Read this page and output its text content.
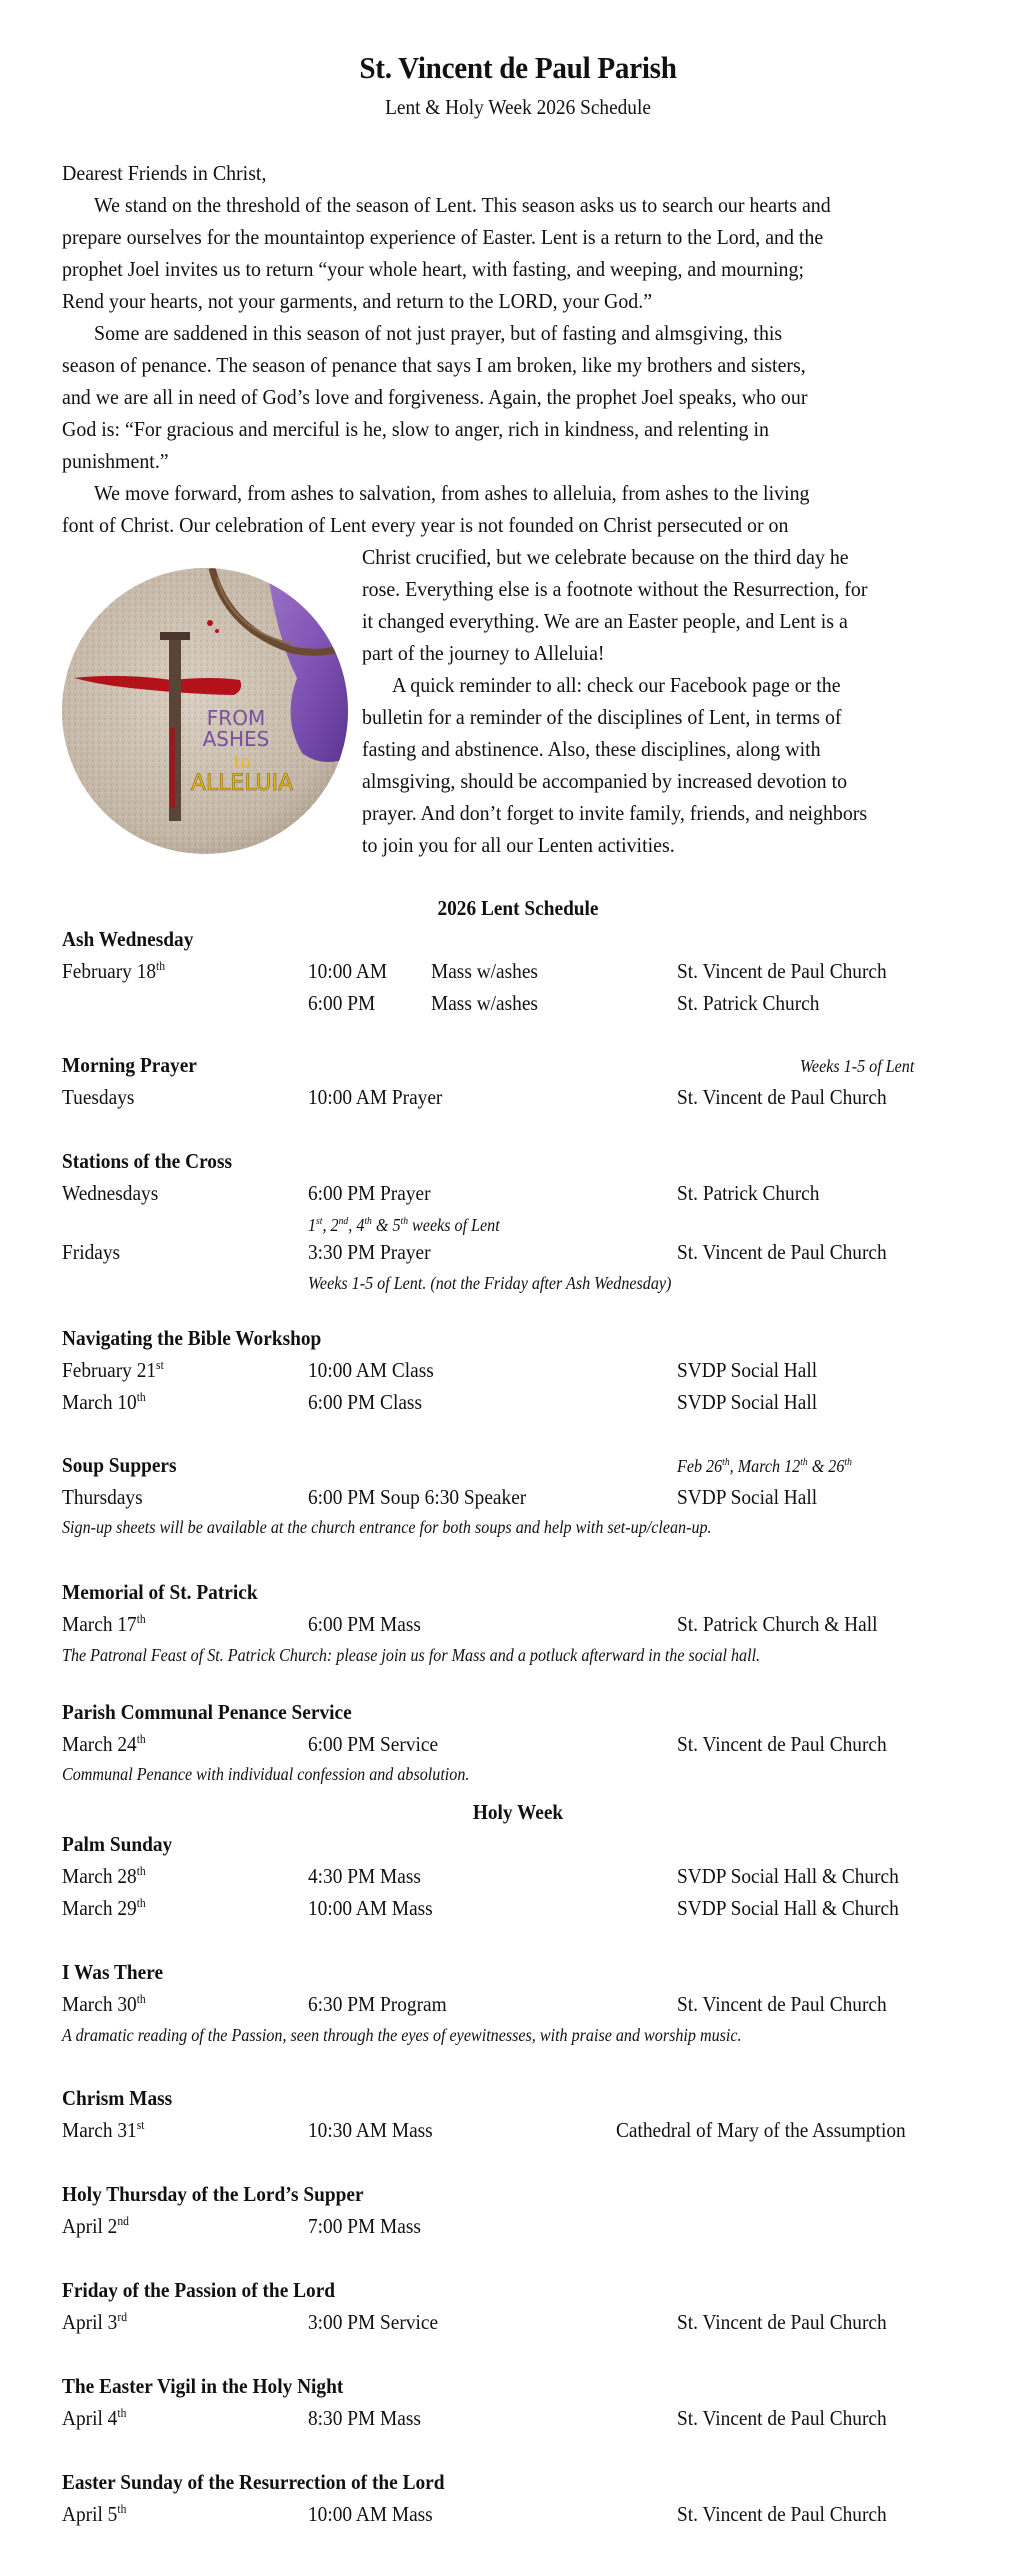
St. Vincent de Paul Parish
Lent & Holy Week 2026 Schedule
Dearest Friends in Christ,
We stand on the threshold of the season of Lent. This season asks us to search our hearts and
prepare ourselves for the mountaintop experience of Easter. Lent is a return to the Lord, and the
prophet Joel invites us to return “your whole heart, with fasting, and weeping, and mourning;
Rend your hearts, not your garments, and return to the LORD, your God.”
Some are saddened in this season of not just prayer, but of fasting and almsgiving, this
season of penance. The season of penance that says I am broken, like my brothers and sisters,
and we are all in need of God’s love and forgiveness. Again, the prophet Joel speaks, who our
God is: “For gracious and merciful is he, slow to anger, rich in kindness, and relenting in
punishment.”
We move forward, from ashes to salvation, from ashes to alleluia, from ashes to the living
font of Christ. Our celebration of Lent every year is not founded on Christ persecuted or on
Christ crucified, but we celebrate because on the third day he
rose. Everything else is a footnote without the Resurrection, for
it changed everything. We are an Easter people, and Lent is a
part of the journey to Alleluia!
A quick reminder to all: check our Facebook page or the
bulletin for a reminder of the disciplines of Lent, in terms of
fasting and abstinence. Also, these disciplines, along with
almsgiving, should be accompanied by increased devotion to
prayer. And don’t forget to invite family, friends, and neighbors
to join you for all our Lenten activities.
FROM
ASHES
to
ALLELUIA
2026 Lent Schedule
Ash Wednesday
February 18th	10:00 AM Mass w/ashes	St. Vincent de Paul Church
6:00 PM	Mass w/ashes	St. Patrick Church
Morning Prayer	Weeks 1-5 of Lent
Tuesdays	10:00 AM Prayer	St. Vincent de Paul Church
Stations of the Cross
Wednesdays	6:00 PM Prayer	St. Patrick Church
1st, 2nd, 4th & 5th weeks of Lent
Fridays	3:30 PM Prayer	St. Vincent de Paul Church
Weeks 1-5 of Lent. (not the Friday after Ash Wednesday)
Navigating the Bible Workshop
February 21st	10:00 AM Class	SVDP Social Hall
March 10th	6:00 PM Class	SVDP Social Hall
Soup Suppers	Feb 26th, March 12th & 26th
Thursdays	6:00 PM Soup 6:30 Speaker	SVDP Social Hall
Sign-up sheets will be available at the church entrance for both soups and help with set-up/clean-up.
Memorial of St. Patrick
March 17th	6:00 PM Mass	St. Patrick Church & Hall
The Patronal Feast of St. Patrick Church: please join us for Mass and a potluck afterward in the social hall.
Parish Communal Penance Service
March 24th	6:00 PM Service	St. Vincent de Paul Church
Communal Penance with individual confession and absolution.
Holy Week
Palm Sunday
March 28th	4:30 PM Mass	SVDP Social Hall & Church
March 29th	10:00 AM Mass	SVDP Social Hall & Church
I Was There
March 30th	6:30 PM Program	St. Vincent de Paul Church
A dramatic reading of the Passion, seen through the eyes of eyewitnesses, with praise and worship music.
Chrism Mass
March 31st	10:30 AM Mass	Cathedral of Mary of the Assumption
Holy Thursday of the Lord’s Supper
April 2nd	7:00 PM Mass
Friday of the Passion of the Lord
April 3rd	3:00 PM Service	St. Vincent de Paul Church
The Easter Vigil in the Holy Night
April 4th	8:30 PM Mass	St. Vincent de Paul Church
Easter Sunday of the Resurrection of the Lord
April 5th	10:00 AM Mass	St. Vincent de Paul Church
